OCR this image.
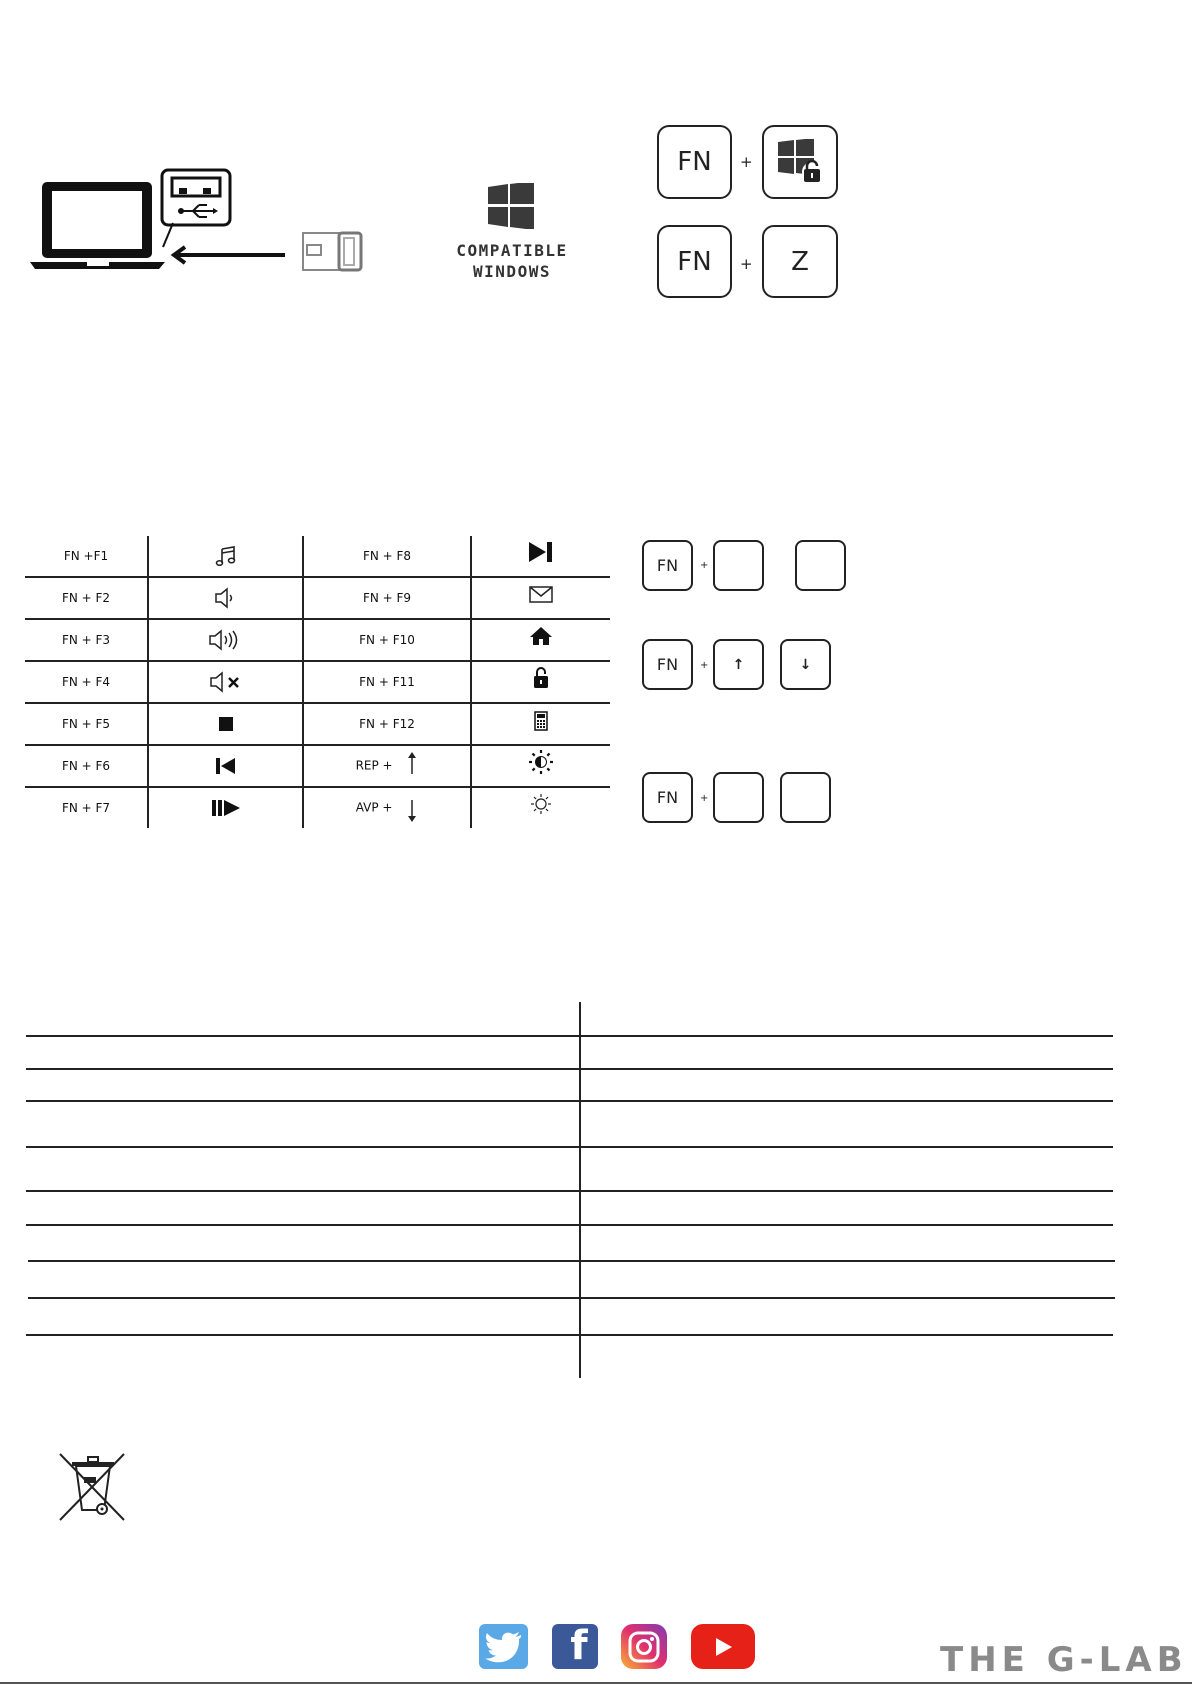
COMPATIBLE
WINDOWS
FN	+
FN	+	Z
FN +F1		FN + F8	
FN + F2		FN + F9	
FN + F3		FN + F10	
FN + F4		FN + F11	
FN + F5		FN + F12	
FN + F6		REP +	
FN + F7		AVP +	
FN	+
FN	+	↑	↓
FN	+
f	THE G-LAB
